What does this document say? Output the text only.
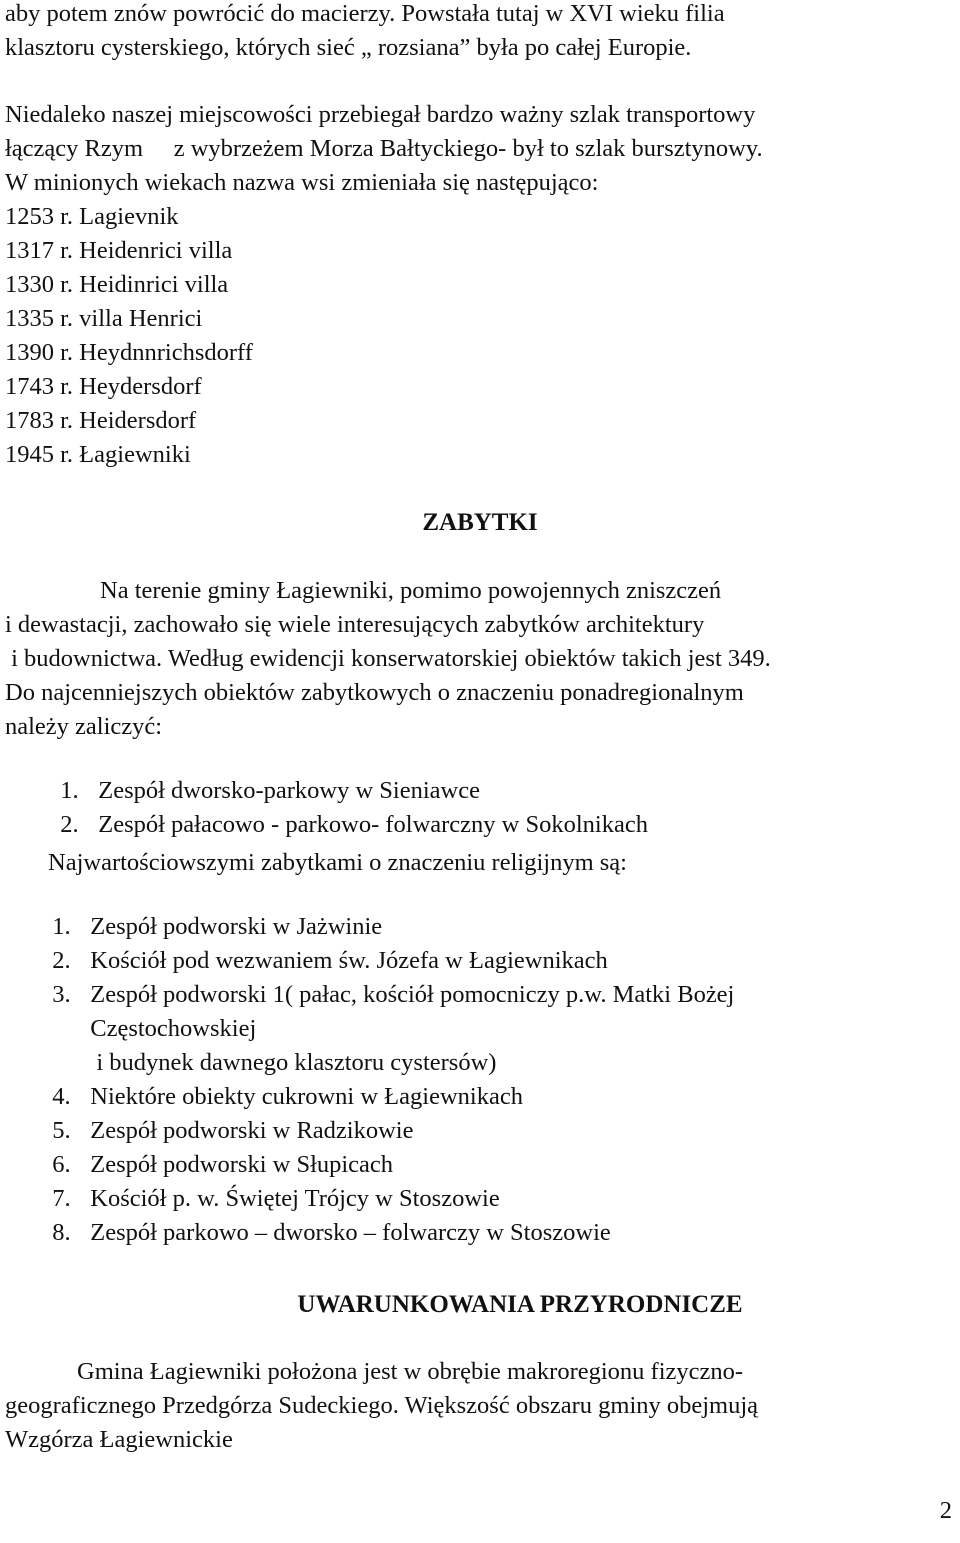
aby potem znów powrócić do macierzy. Powstała tutaj w XVI wieku filia
klasztoru cysterskiego, których sieć „ rozsiana” była po całej Europie.
Niedaleko naszej miejscowości przebiegał bardzo ważny szlak transportowy
łączący Rzym     z wybrzeżem Morza Bałtyckiego- był to szlak bursztynowy.
W minionych wiekach nazwa wsi zmieniała się następująco:
1253 r. Lagievnik
1317 r. Heidenrici villa
1330 r. Heidinrici villa
1335 r. villa Henrici
1390 r. Heydnnrichsdorff
1743 r. Heydersdorf
1783 r. Heidersdorf
1945 r. Łagiewniki
ZABYTKI
Na terenie gminy Łagiewniki, pomimo powojennych zniszczeń
i dewastacji, zachowało się wiele interesujących zabytków architektury
i budownictwa. Według ewidencji konserwatorskiej obiektów takich jest 349.
Do najcenniejszych obiektów zabytkowych o znaczeniu ponadregionalnym
należy zaliczyć:

1. Zespół dworsko-parkowy w Sieniawce

2. Zespół pałacowo - parkowo- folwarczny w Sokolnikach

Najwartościowszymi zabytkami o znaczeniu religijnym są:

1. Zespół podworski w Jażwinie

2. Kościół pod wezwaniem św. Józefa w Łagiewnikach

3. Zespół podworski 1( pałac, kościół pomocniczy p.w. Matki Bożej

Częstochowskiej

i budynek dawnego klasztoru cystersów)

4. Niektóre obiekty cukrowni w Łagiewnikach

5. Zespół podworski w Radzikowie

6. Zespół podworski w Słupicach

7. Kościół p. w. Świętej Trójcy w Stoszowie

8. Zespół parkowo – dworsko – folwarczy w Stoszowie

UWARUNKOWANIA PRZYRODNICZE
Gmina Łagiewniki położona jest w obrębie makroregionu fizyczno-
geograficznego Przedgórza Sudeckiego. Większość obszaru gminy obejmują
Wzgórza Łagiewnickie
2
